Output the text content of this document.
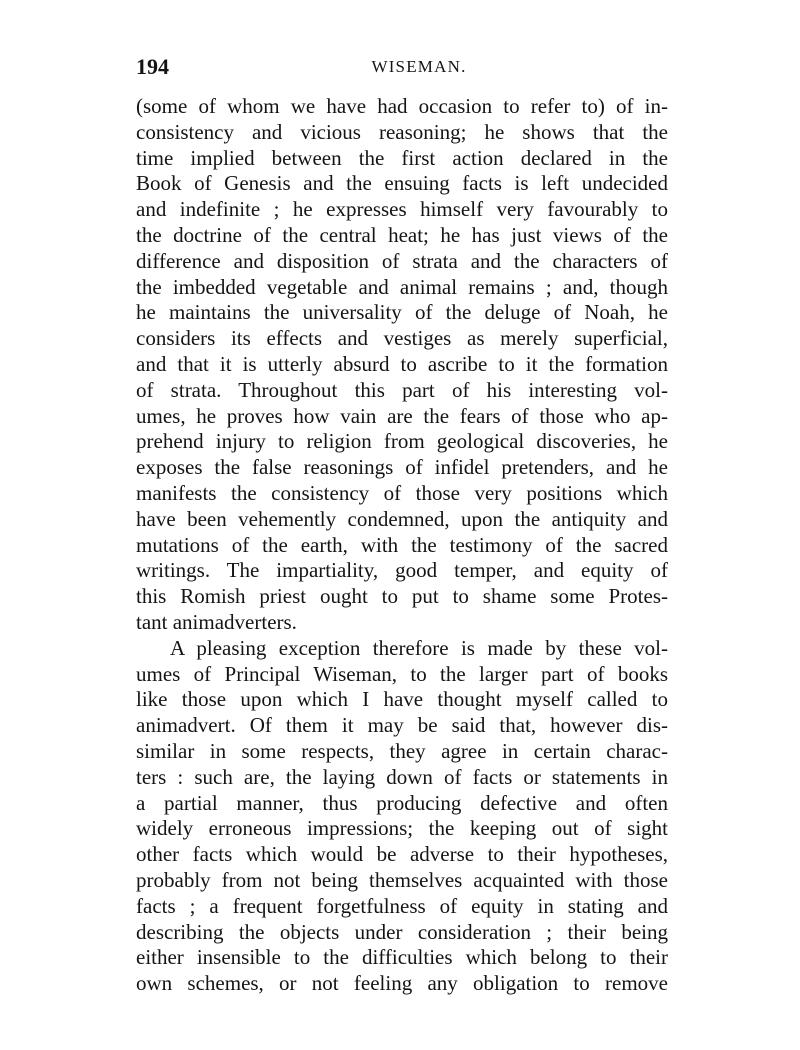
194	WISEMAN.
(some of whom we have had occasion to refer to) of in-
consistency and vicious reasoning; he shows that the
time implied between the first action declared in the
Book of Genesis and the ensuing facts is left undecided
and indefinite ; he expresses himself very favourably to
the doctrine of the central heat; he has just views of the
difference and disposition of strata and the characters of
the imbedded vegetable and animal remains ; and, though
he maintains the universality of the deluge of Noah, he
considers its effects and vestiges as merely superficial,
and that it is utterly absurd to ascribe to it the formation
of strata. Throughout this part of his interesting vol-
umes, he proves how vain are the fears of those who ap-
prehend injury to religion from geological discoveries, he
exposes the false reasonings of infidel pretenders, and he
manifests the consistency of those very positions which
have been vehemently condemned, upon the antiquity and
mutations of the earth, with the testimony of the sacred
writings. The impartiality, good temper, and equity of
this Romish priest ought to put to shame some Protes-
tant animadverters.
A pleasing exception therefore is made by these vol-
umes of Principal Wiseman, to the larger part of books
like those upon which I have thought myself called to
animadvert. Of them it may be said that, however dis-
similar in some respects, they agree in certain charac-
ters : such are, the laying down of facts or statements in
a partial manner, thus producing defective and often
widely erroneous impressions; the keeping out of sight
other facts which would be adverse to their hypotheses,
probably from not being themselves acquainted with those
facts ; a frequent forgetfulness of equity in stating and
describing the objects under consideration ; their being
either insensible to the difficulties which belong to their
own schemes, or not feeling any obligation to remove
